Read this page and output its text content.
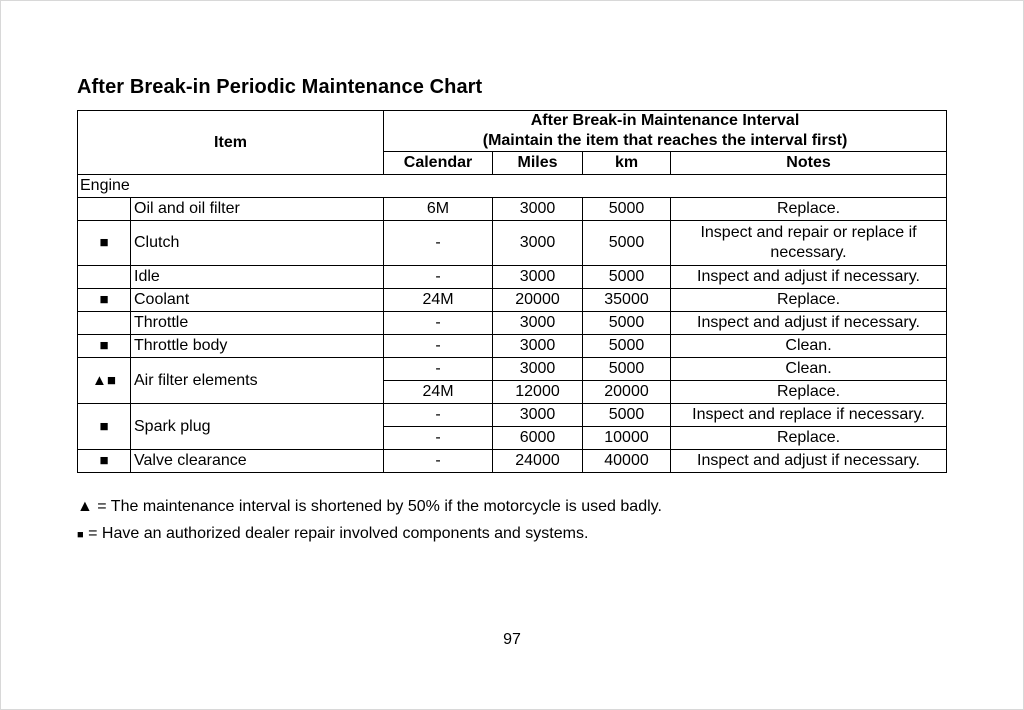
After Break-in Periodic Maintenance Chart
Item		After Break-in Maintenance Interval
(Maintain the item that reaches the interval first)			

		Calendar	Miles	km	Notes
Engine					
	Oil and oil filter	6M	3000	5000	Replace.
■	Clutch	-	3000	5000	Inspect and repair or replace if
necessary.

	Idle	-	3000	5000	Inspect and adjust if necessary.
■	Coolant	24M	20000	35000	Replace.
	Throttle	-	3000	5000	Inspect and adjust if necessary.
■	Throttle body	-	3000	5000	Clean.
▲■	Air filter elements	-	3000	5000	Clean.
		24M	12000	20000	Replace.
■	Spark plug	-	3000	5000	Inspect and replace if necessary.
		-	6000	10000	Replace.
■	Valve clearance	-	24000	40000	Inspect and adjust if necessary.
▲ = The maintenance interval is shortened by 50% if the motorcycle is used badly.
■ = Have an authorized dealer repair involved components and systems.
97
